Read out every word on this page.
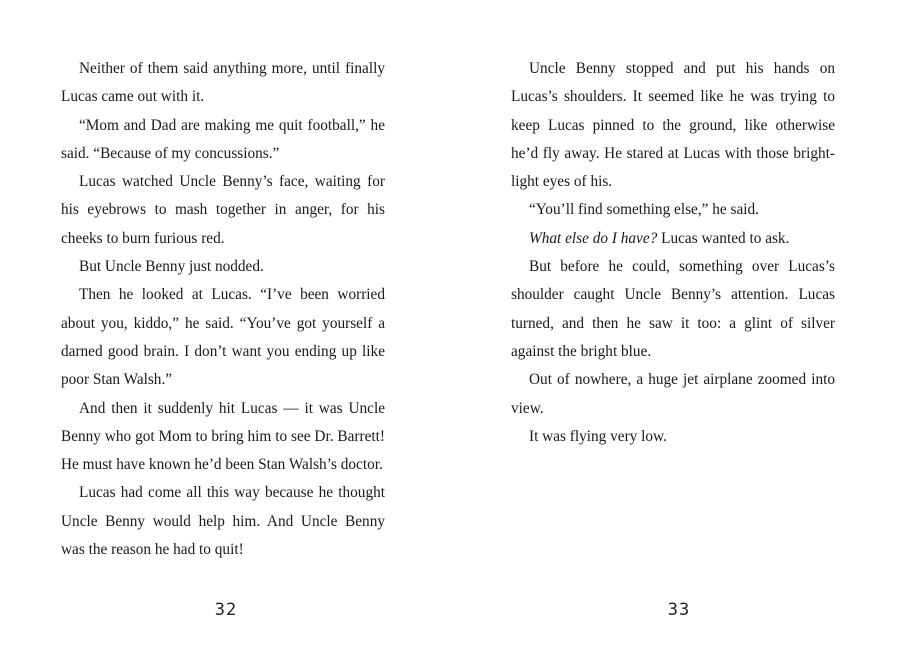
Neither of them said anything more, until finally Lucas came out with it.

“Mom and Dad are making me quit football,” he said. “Because of my concussions.”

Lucas watched Uncle Benny’s face, waiting for his eyebrows to mash together in anger, for his cheeks to burn furious red.

But Uncle Benny just nodded.

Then he looked at Lucas. “I’ve been worried about you, kiddo,” he said. “You’ve got yourself a darned good brain. I don’t want you ending up like poor Stan Walsh.”

And then it suddenly hit Lucas — it was Uncle Benny who got Mom to bring him to see Dr. Barrett! He must have known he’d been Stan Walsh’s doctor.

Lucas had come all this way because he thought Uncle Benny would help him. And Uncle Benny was the reason he had to quit!

32

Uncle Benny stopped and put his hands on Lucas’s shoulders. It seemed like he was trying to keep Lucas pinned to the ground, like otherwise he’d fly away. He stared at Lucas with those bright-light eyes of his.

“You’ll find something else,” he said.

What else do I have? Lucas wanted to ask.

But before he could, something over Lucas’s shoulder caught Uncle Benny’s attention. Lucas turned, and then he saw it too: a glint of silver against the bright blue.

Out of nowhere, a huge jet airplane zoomed into view.

It was flying very low.

33
